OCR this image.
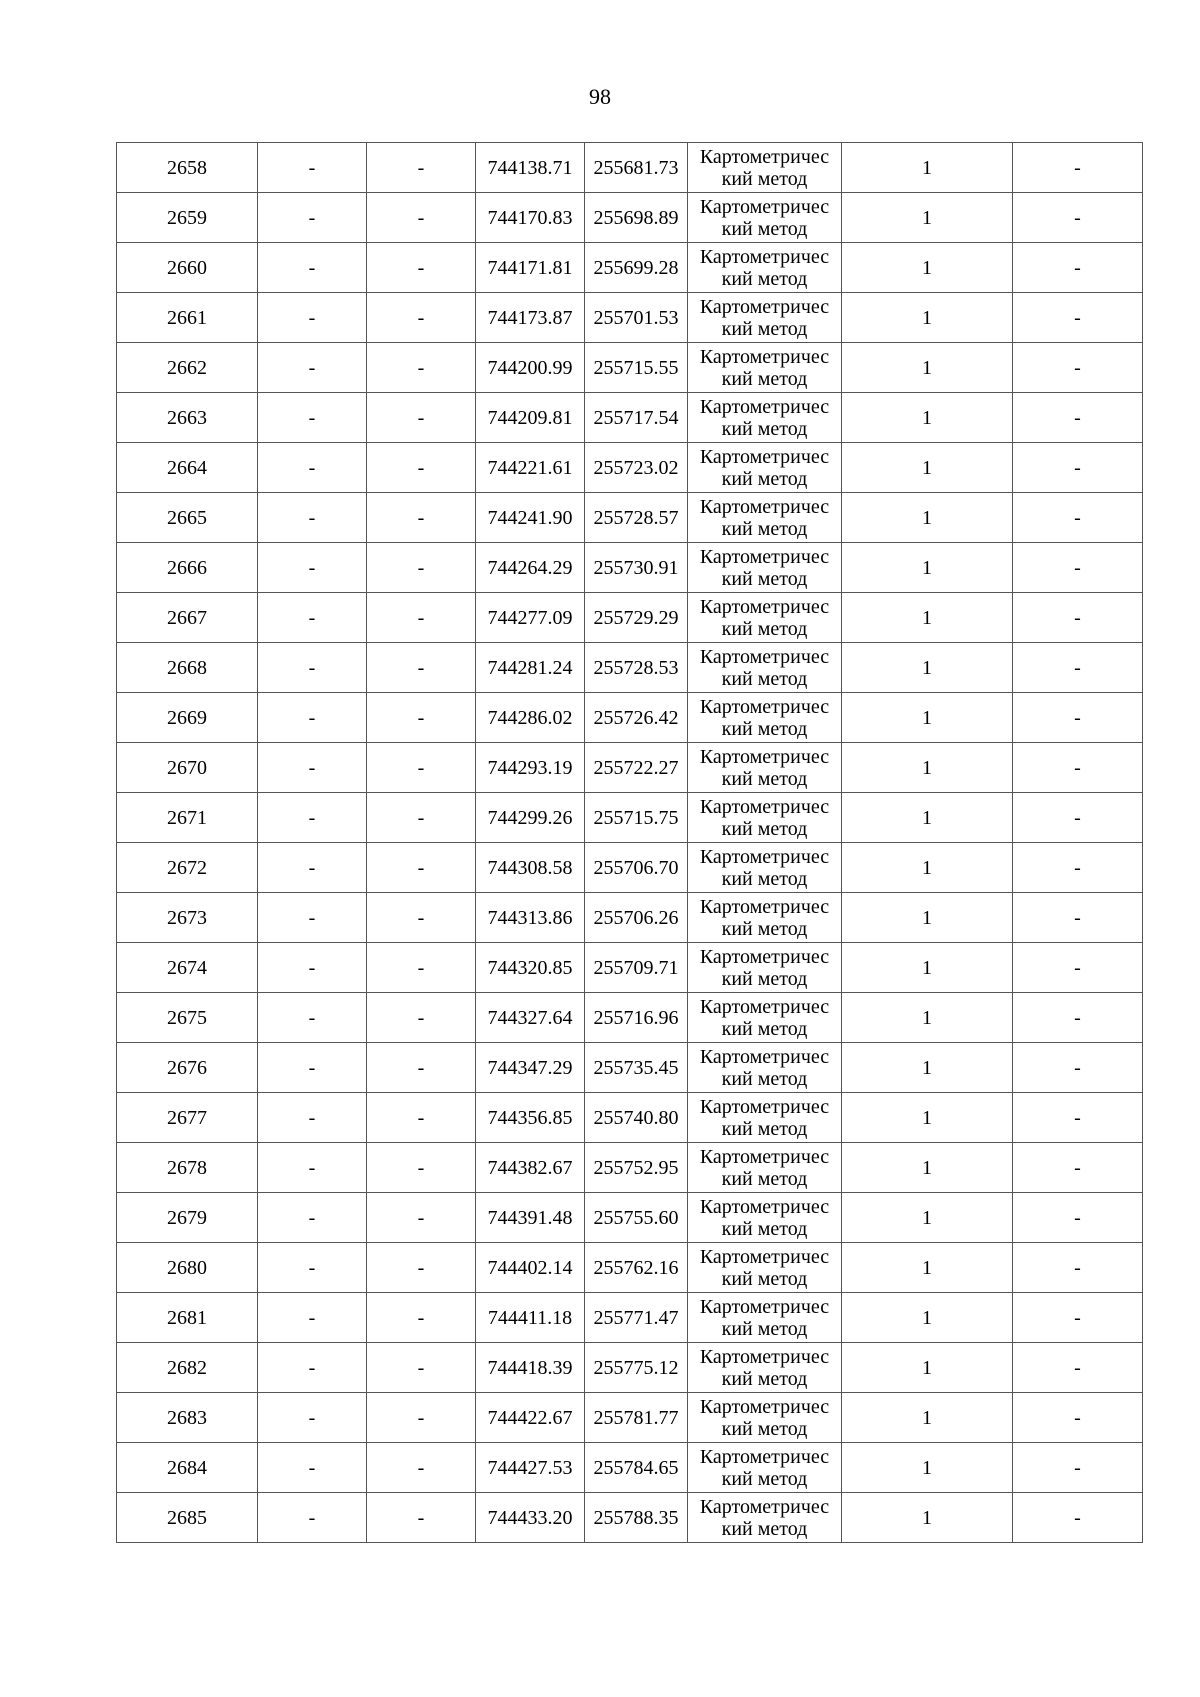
98
2658	-	-	744138.71	255681.73	Картометричес
кий метод	1	-
2659	-	-	744170.83	255698.89	Картометричес
кий метод	1	-
2660	-	-	744171.81	255699.28	Картометричес
кий метод	1	-
2661	-	-	744173.87	255701.53	Картометричес
кий метод	1	-
2662	-	-	744200.99	255715.55	Картометричес
кий метод	1	-
2663	-	-	744209.81	255717.54	Картометричес
кий метод	1	-
2664	-	-	744221.61	255723.02	Картометричес
кий метод	1	-
2665	-	-	744241.90	255728.57	Картометричес
кий метод	1	-
2666	-	-	744264.29	255730.91	Картометричес
кий метод	1	-
2667	-	-	744277.09	255729.29	Картометричес
кий метод	1	-
2668	-	-	744281.24	255728.53	Картометричес
кий метод	1	-
2669	-	-	744286.02	255726.42	Картометричес
кий метод	1	-
2670	-	-	744293.19	255722.27	Картометричес
кий метод	1	-
2671	-	-	744299.26	255715.75	Картометричес
кий метод	1	-
2672	-	-	744308.58	255706.70	Картометричес
кий метод	1	-
2673	-	-	744313.86	255706.26	Картометричес
кий метод	1	-
2674	-	-	744320.85	255709.71	Картометричес
кий метод	1	-
2675	-	-	744327.64	255716.96	Картометричес
кий метод	1	-
2676	-	-	744347.29	255735.45	Картометричес
кий метод	1	-
2677	-	-	744356.85	255740.80	Картометричес
кий метод	1	-
2678	-	-	744382.67	255752.95	Картометричес
кий метод	1	-
2679	-	-	744391.48	255755.60	Картометричес
кий метод	1	-
2680	-	-	744402.14	255762.16	Картометричес
кий метод	1	-
2681	-	-	744411.18	255771.47	Картометричес
кий метод	1	-
2682	-	-	744418.39	255775.12	Картометричес
кий метод	1	-
2683	-	-	744422.67	255781.77	Картометричес
кий метод	1	-
2684	-	-	744427.53	255784.65	Картометричес
кий метод	1	-
2685	-	-	744433.20	255788.35	Картометричес
кий метод	1	-
